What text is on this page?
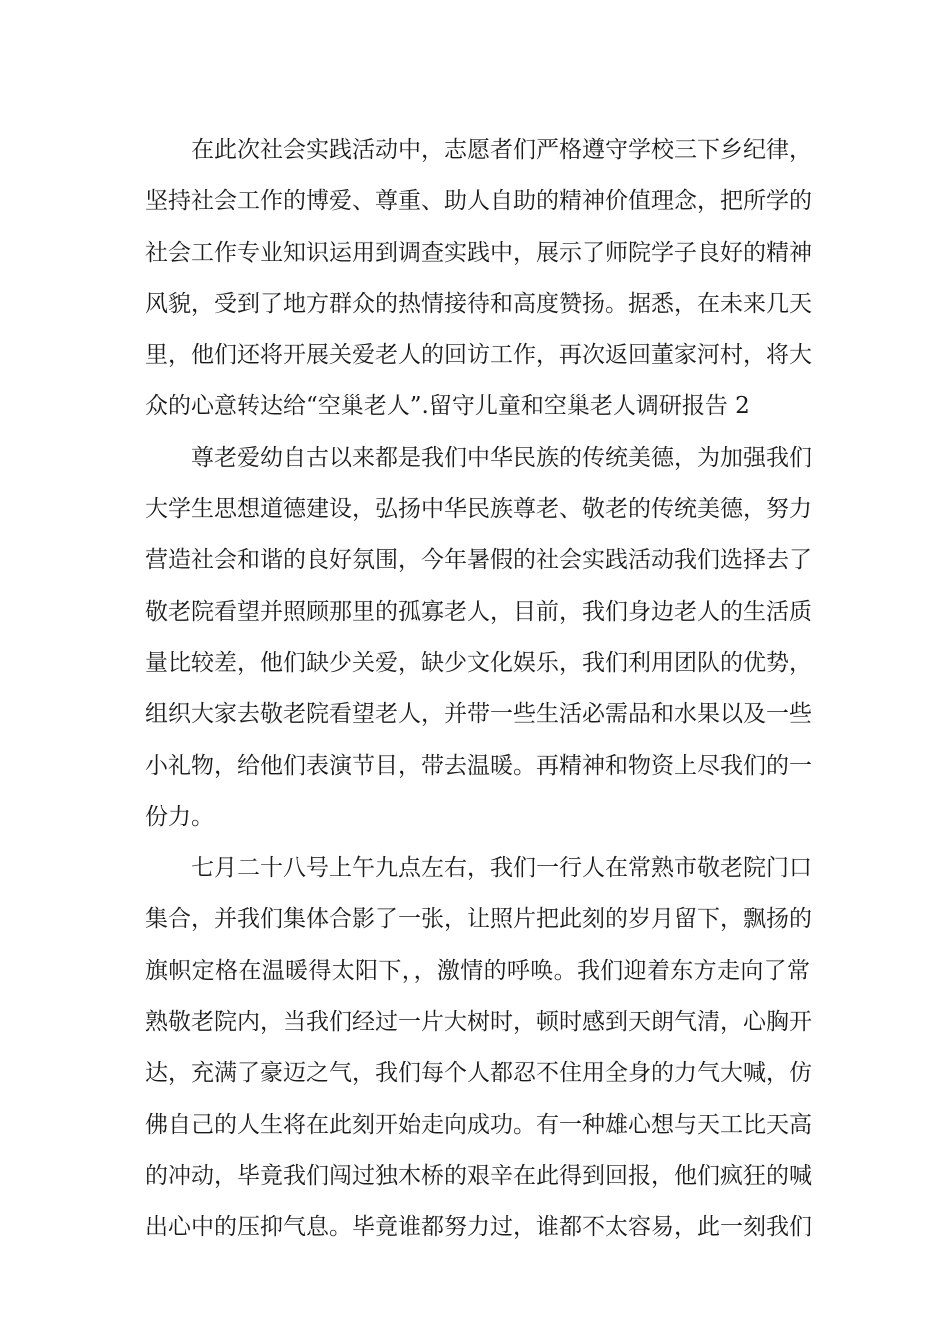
在此次社会实践活动中，志愿者们严格遵守学校三下乡纪律，
坚持社会工作的博爱、尊重、助人自助的精神价值理念，把所学的
社会工作专业知识运用到调查实践中，展示了师院学子良好的精神
风貌，受到了地方群众的热情接待和高度赞扬。据悉，在未来几天
里，他们还将开展关爱老人的回访工作，再次返回董家河村，将大
众的心意转达给“空巢老人”.留守儿童和空巢老人调研报告 2

尊老爱幼自古以来都是我们中华民族的传统美德，为加强我们
大学生思想道德建设，弘扬中华民族尊老、敬老的传统美德，努力
营造社会和谐的良好氛围，今年暑假的社会实践活动我们选择去了
敬老院看望并照顾那里的孤寡老人，目前，我们身边老人的生活质
量比较差，他们缺少关爱，缺少文化娱乐，我们利用团队的优势，
组织大家去敬老院看望老人，并带一些生活必需品和水果以及一些
小礼物，给他们表演节目，带去温暖。再精神和物资上尽我们的一
份力。

七月二十八号上午九点左右，我们一行人在常熟市敬老院门口
集合，并我们集体合影了一张，让照片把此刻的岁月留下，飘扬的
旗帜定格在温暖得太阳下，，激情的呼唤。我们迎着东方走向了常
熟敬老院内，当我们经过一片大树时，顿时感到天朗气清，心胸开
达，充满了豪迈之气，我们每个人都忍不住用全身的力气大喊，仿
佛自己的人生将在此刻开始走向成功。有一种雄心想与天工比天高
的冲动，毕竟我们闯过独木桥的艰辛在此得到回报，他们疯狂的喊
出心中的压抑气息。毕竟谁都努力过，谁都不太容易，此一刻我们
